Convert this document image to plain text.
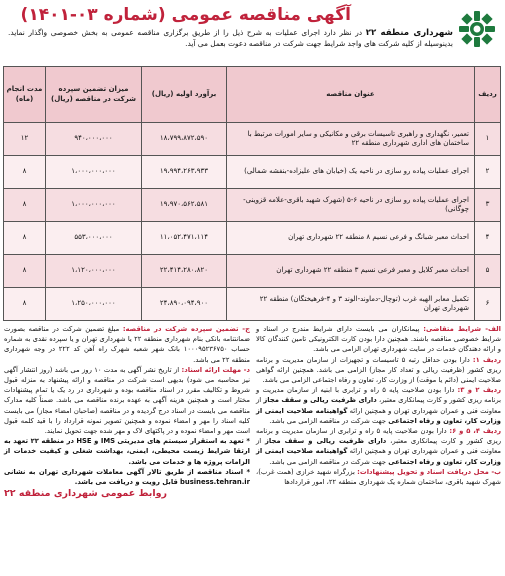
آگهی مناقصه عمومی (شماره ۰۳-۱۴۰۱)
شهرداری منطقه ۲۲ در نظر دارد اجرای عملیات به شرح ذیل را از طریق برگزاری مناقصه عمومی به بخش خصوصی واگذار نماید. بدینوسیله از کلیه شرکت های واجد شرایط جهت شرکت در مناقصه دعوت بعمل می آید.
ردیف	عنوان مناقصه	برآورد اولیه (ریال)	میزان تضمین سپرده شرکت در مناقصه (ریال)	مدت انجام (ماه)
۱	تعمیر، نگهداری و راهبری تاسیسات برقی و مکانیکی و سایر امورات مرتبط با ساختمان های اداری شهرداری منطقه ۲۲	۱۸،۷۹۹،۸۷۲،۵۹۰	۹۴۰،۰۰۰،۰۰۰	۱۲
۲	اجرای عملیات پیاده رو سازی در ناحیه یک (خیابان های علیزاده-بنفشه شمالی)	۱۹،۹۹۴،۲۶۳،۹۳۳	۱،۰۰۰،۰۰۰،۰۰۰	۸
۳	اجرای عملیات پیاده رو سازی در ناحیه ۶-۵ (شهرک شهید باقری-علامه قزوینی-چوگانی)	۱۹،۹۷۰،۵۶۲،۵۸۱	۱،۰۰۰،۰۰۰،۰۰۰	۸
۴	احداث معبر شبانگ و فرعی نسیم ۸ منطقه ۲۲ شهرداری تهران	۱۱،۰۵۲،۴۷۱،۱۱۴	۵۵۳،۰۰۰،۰۰۰	۸
۵	احداث معبر کلایل و معبر فرعی نسیم ۳ منطقه ۲۲ شهرداری تهران	۲۲،۴۱۴،۲۸۰،۸۲۰	۱،۱۲۰،۰۰۰،۰۰۰	۸
۶	تکمیل معابر الهیه غرب (توچال-دماوند-الوند ۳ و ۴-فرهیختگان) منطقه ۲۲ شهرداری تهران	۲۴،۸۹۰،۰۹۴،۹۰۰	۱،۲۵۰،۰۰۰،۰۰۰	۸

الف- شرایط متقاضی: پیمانکاران می بایست دارای شرایط مندرج در اسناد و شرایط خصوصی مناقصه باشند. همچنین دارا بودن کارت الکترونیکی تامین کنندگان کالا و ارائه دهندگان خدمات در سایت شهرداری تهران الزامی می باشد.

ردیف ۱: دارا بودن حداقل رتبه ۵ تاسیسات و تجهیزات از سازمان مدیریت و برنامه ریزی کشور (ظرفیت ریالی و تعداد کار مجاز) الزامی می باشد. همچنین ارائه گواهی صلاحیت ایمنی (دائم یا موقت) از وزارت کار، تعاون و رفاه اجتماعی الزامی می باشد.

ردیف ۲ و ۳: دارا بودن صلاحیت پایه ۵ راه و ترابری با ابنیه از سازمان مدیریت و برنامه ریزی کشور و کارت پیمانکاری معتبر، دارای ظرفیت ریالی و سقف مجاز از معاونت فنی و عمران شهرداری تهران و همچنین ارائه گواهینامه صلاحیت ایمنی از وزارت کار، تعاون و رفاه اجتماعی جهت شرکت در مناقصه الزامی می باشد.

ردیف ۴، ۵ و ۶: دارا بودن صلاحیت پایه ۵ راه و ترابری از سازمان مدیریت و برنامه ریزی کشور و کارت پیمانکاری معتبر، دارای ظرفیت ریالی و سقف مجاز از معاونت فنی و عمران شهرداری تهران و همچنین ارائه گواهینامه صلاحیت ایمنی از وزارت کار، تعاون و رفاه اجتماعی جهت شرکت در مناقصه الزامی می باشد.

ب- محل دریافت اسناد و تحویل پیشنهادات: بزرگراه شهید خرازی (همت غرب)، شهرک شهید باقری، ساختمان شماره یک شهرداری منطقه ۲۲، امور قراردادها

ج- تضمین سپرده شرکت در مناقصه: مبلغ تضمین شرکت در مناقصه بصورت ضمانتنامه بانکی بنام شهرداری منطقه ۲۲ یا شهرداری تهران و یا سپرده نقدی به شماره حساب ۱۰۰۰۹۵۲۳۶۷۵۰ بانک شهر شعبه شهرک راه آهن کد ۲۲۲ در وجه شهرداری منطقه ۲۲ می باشد.

د- مهلت ارائه اسناد: از تاریخ نشر آگهی به مدت ۱۰ روز می باشد (روز انتشار آگهی نیز محاسبه می شود) بدیهی است شرکت در مناقصه و ارائه پیشنهاد به منزله قبول شروط و تکالیف مقرر در اسناد مناقصه بوده و شهرداری در رد یک یا تمام پیشنهادات مختار است و همچنین هزینه آگهی به عهده برنده مناقصه می باشد. ضمناً کلیه مدارک مناقصه می بایست در اسناد درج گردیده و در مناقصه (صاحبان امضاء مجاز) می بایست کلیه اسناد را مهر و امضاء نموده و همچنین تصویر نمونه قرارداد را با قید کلمه قبول است مهر و امضاء نموده و در پاکتهای لاک و مهر شده جهت تحویل نمایند.

* تعهد به استقرار سیستم های مدیریتی IMS و HSE در منطقه ۲۲ تعهد به ارتقا شرایط زیست محیطی، ایمنی، بهداشت شغلی و کیفیت خدمات از الزامات پروژه ها و خدمات می باشد.

* اسناد مناقصه از طریق تالار آگهی معاملات شهرداری تهران به نشانی business.tehran.ir قابل رویت و دریافت می باشد.

روابط عمومی شهرداری منطقه ۲۲
